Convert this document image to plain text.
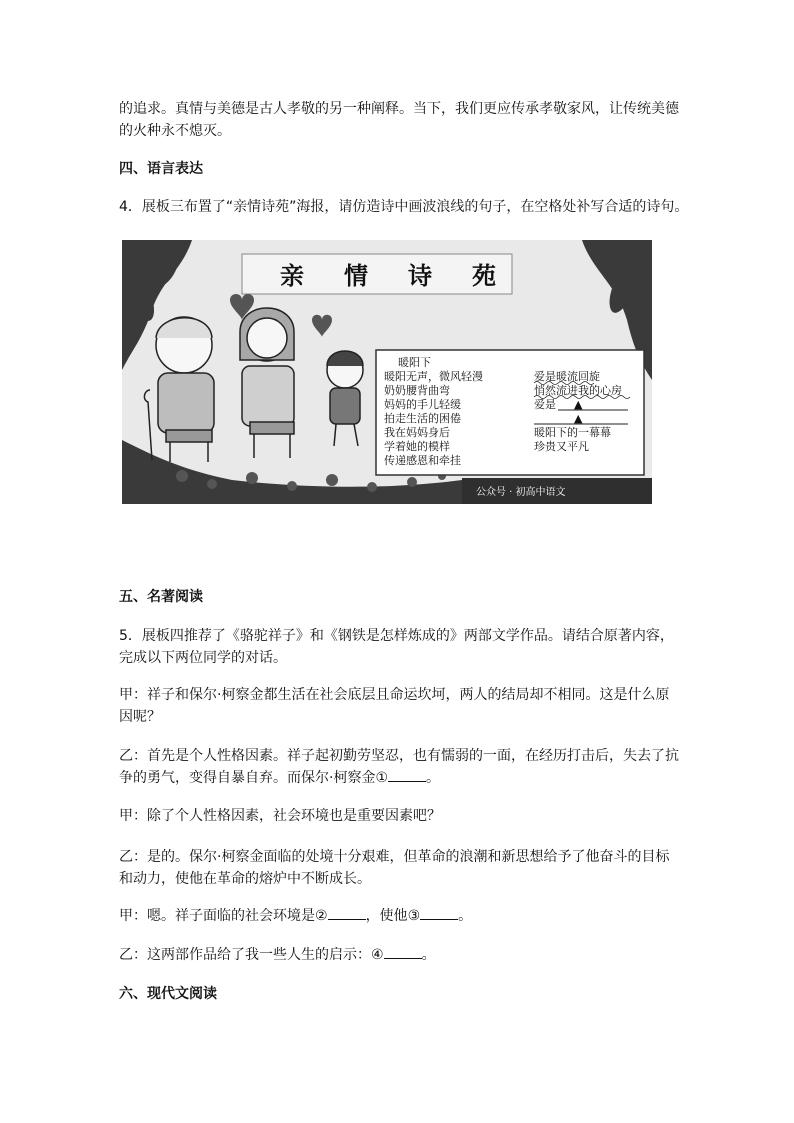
的追求。真情与美德是古人孝敬的另一种阐释。当下，我们更应传承孝敬家风，让传统美德

的火种永不熄灭。

四、语言表达

4．展板三布置了“亲情诗苑”海报，请仿造诗中画波浪线的句子，在空格处补写合适的诗句。

亲 情 诗 苑
暖阳下
暖阳无声，微风轻漫
奶奶腰背曲弯
妈妈的手儿轻缓
拍走生活的困倦
我在妈妈身后
学着她的模样
传递感恩和牵挂
爱是暖流回旋
悄然流进我的心房
爱是
暖阳下的一幕幕
珍贵又平凡
▲
▲
公众号 · 初高中语文

五、名著阅读

5．展板四推荐了《骆驼祥子》和《钢铁是怎样炼成的》两部文学作品。请结合原著内容，

完成以下两位同学的对话。

甲：祥子和保尔·柯察金都生活在社会底层且命运坎坷，两人的结局却不相同。这是什么原

因呢？

乙：首先是个人性格因素。祥子起初勤劳坚忍，也有懦弱的一面，在经历打击后，失去了抗

争的勇气，变得自暴自弃。而保尔·柯察金①	。

甲：除了个人性格因素，社会环境也是重要因素吧？

乙：是的。保尔·柯察金面临的处境十分艰难，但革命的浪潮和新思想给予了他奋斗的目标

和动力，使他在革命的熔炉中不断成长。

甲：嗯。祥子面临的社会环境是②	，使他③	。

乙：这两部作品给了我一些人生的启示：④	。

六、现代文阅读
